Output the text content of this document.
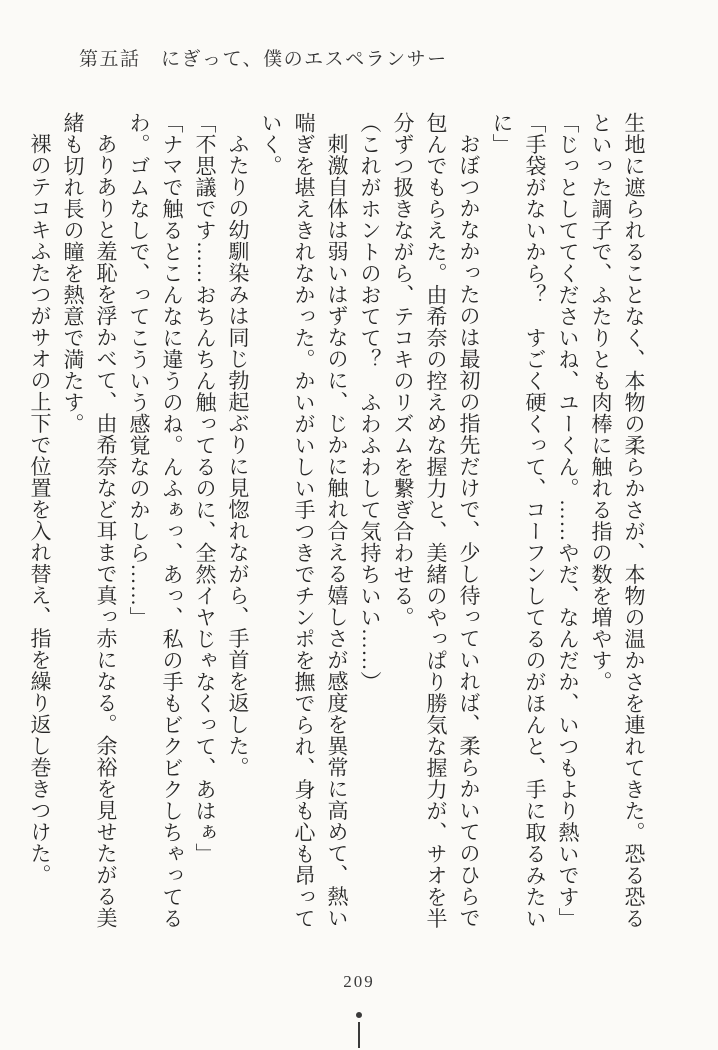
第五話　にぎって、僕のエスペランサー

生地に遮られることなく、本物の柔らかさが、本物の温かさを連れてきた。恐る恐るといった調子で、ふたりとも肉棒に触れる指の数を増やす。

「じっとしててくださいね、ユーくん。……やだ、なんだか、いつもより熱いです」

「手袋がないから？　すごく硬くって、コーフンしてるのがほんと、手に取るみたいに」

おぼつかなかったのは最初の指先だけで、少し待っていれば、柔らかいてのひらで包んでもらえた。由希奈の控えめな握力と、美緒のやっぱり勝気な握力が、サオを半分ずつ扱きながら、テコキのリズムを繋ぎ合わせる。

（これがホントのおてて？　ふわふわして気持ちいい……）

刺激自体は弱いはずなのに、じかに触れ合える嬉しさが感度を異常に高めて、熱い喘ぎを堪えきれなかった。かいがいしい手つきでチンポを撫でられ、身も心も昂っていく。

ふたりの幼馴染みは同じ勃起ぶりに見惚れながら、手首を返した。

「不思議です……おちんちん触ってるのに、全然イヤじゃなくって、あはぁ」

「ナマで触るとこんなに違うのね。んふぁっ、あっ、私の手もビクビクしちゃってるわ。ゴムなしで、ってこういう感覚なのかしら……」

ありありと羞恥を浮かべて、由希奈など耳まで真っ赤になる。余裕を見せたがる美緒も切れ長の瞳を熱意で満たす。

裸のテコキふたつがサオの上下で位置を入れ替え、指を繰り返し巻きつけた。

209
